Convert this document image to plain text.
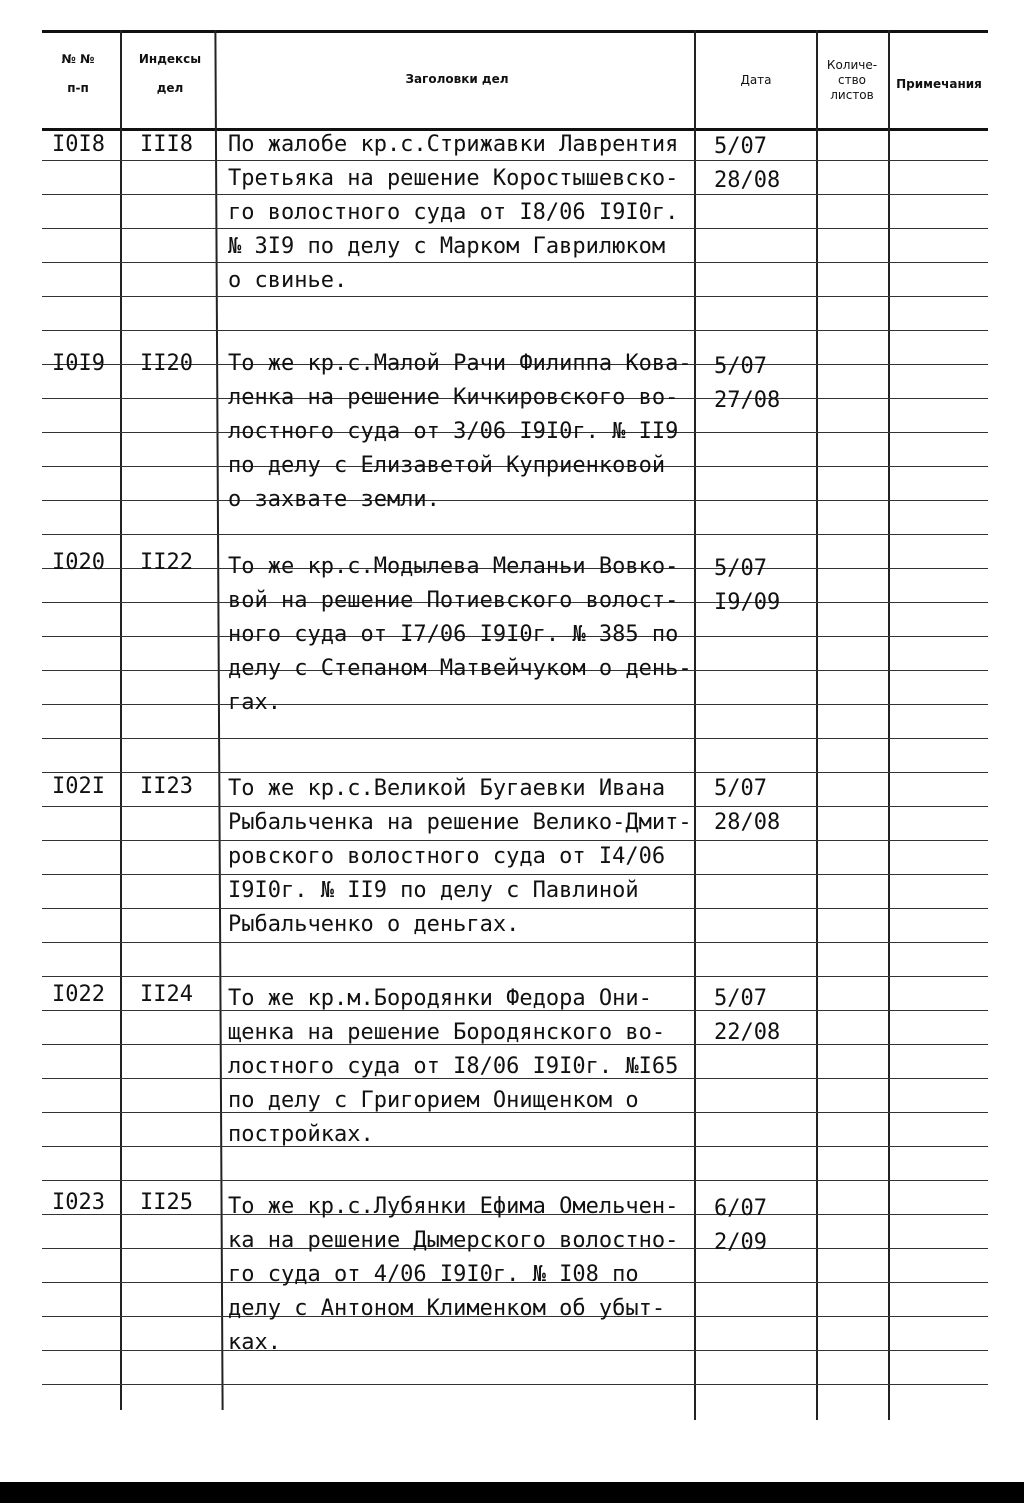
№ №
п-п
Индексы
дел
Заголовки дел	Дата
Количе-
ство
листов
Примечания
I0I8 III8 По жалобе кр.с.Стрижавки Лаврентия
Третьяка на решение Коростышевско-
го волостного суда от I8/06 I9I0г.
№ 3I9 по делу с Марком Гаврилюком
о свинье.
5/07
28/08
I0I9 II20 То же кр.с.Малой Рачи Филиппа Кова-
ленка на решение Кичкировского во-
лостного суда от 3/06 I9I0г. № II9
по делу с Елизаветой Куприенковой
о захвате земли.
5/07
27/08
I020 II22 То же кр.с.Модылева Меланьи Вовко-
вой на решение Потиевского волост-
ного суда от I7/06 I9I0г. № 385 по
делу с Степаном Матвейчуком о день-
гах.
5/07
I9/09
I02I II23 То же кр.с.Великой Бугаевки Ивана
Рыбальченка на решение Велико-Дмит-
ровского волостного суда от I4/06
I9I0г. № II9 по делу с Павлиной
Рыбальченко о деньгах.
5/07
28/08
I022 II24 То же кр.м.Бородянки Федора Они-
щенка на решение Бородянского во-
лостного суда от I8/06 I9I0г. №I65
по делу с Григорием Онищенком о
постройках.
5/07
22/08
I023 II25 То же кр.с.Лубянки Ефима Омельчен-
ка на решение Дымерского волостно-
го суда от 4/06 I9I0г. № I08 по
делу с Антоном Клименком об убыт-
ках.
6/07
2/09
